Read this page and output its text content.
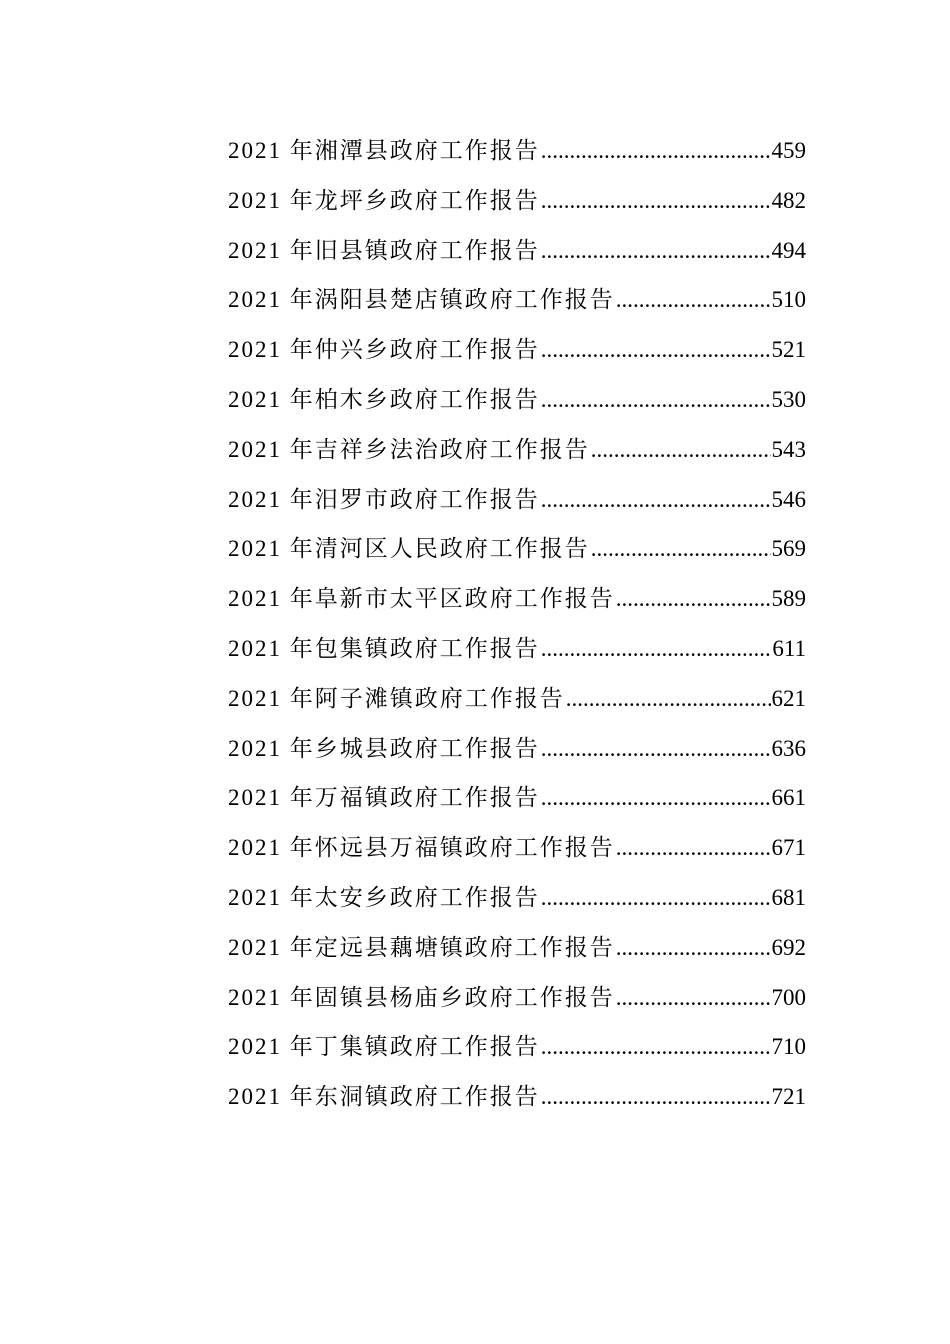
2021 年湘潭县政府工作报告 .....	459
2021 年龙坪乡政府工作报告 .....	482
2021 年旧县镇政府工作报告 .....	494
2021 年涡阳县楚店镇政府工作报告 .....	510
2021 年仲兴乡政府工作报告 .....	521
2021 年柏木乡政府工作报告 .....	530
2021 年吉祥乡法治政府工作报告 .....	543
2021 年汨罗市政府工作报告 .....	546
2021 年清河区人民政府工作报告 .....	569
2021 年阜新市太平区政府工作报告 .....	589
2021 年包集镇政府工作报告 .....	611
2021 年阿子滩镇政府工作报告 .....	621
2021 年乡城县政府工作报告 .....	636
2021 年万福镇政府工作报告 .....	661
2021 年怀远县万福镇政府工作报告 .....	671
2021 年太安乡政府工作报告 .....	681
2021 年定远县藕塘镇政府工作报告 .....	692
2021 年固镇县杨庙乡政府工作报告 .....	700
2021 年丁集镇政府工作报告 .....	710
2021 年东洞镇政府工作报告 .....	721
